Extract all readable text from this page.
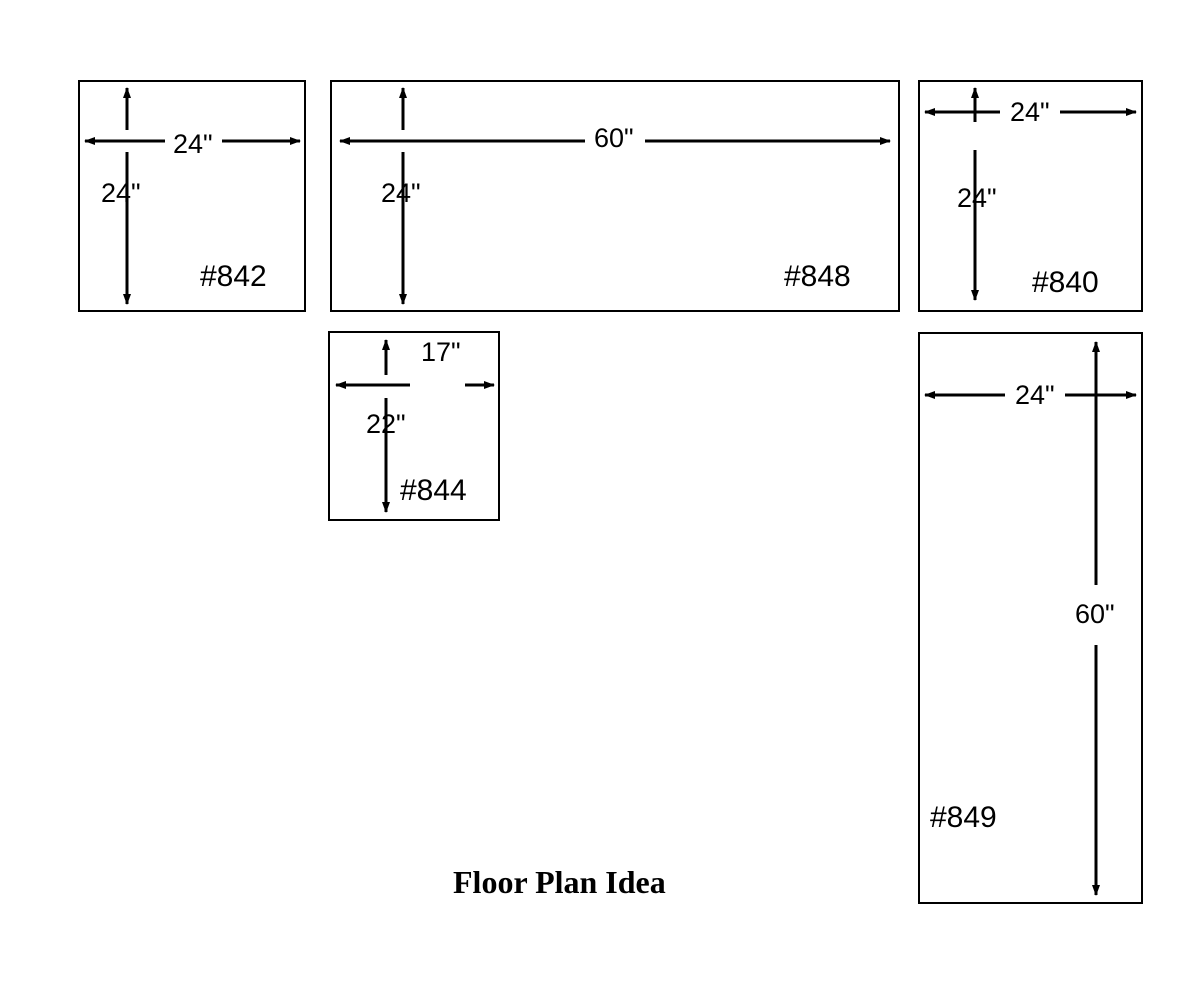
24"
24"
#842
60"
24"
#848
24"
24"
#840
17"
22"
#844
24"
60"
#849
Floor Plan Idea
